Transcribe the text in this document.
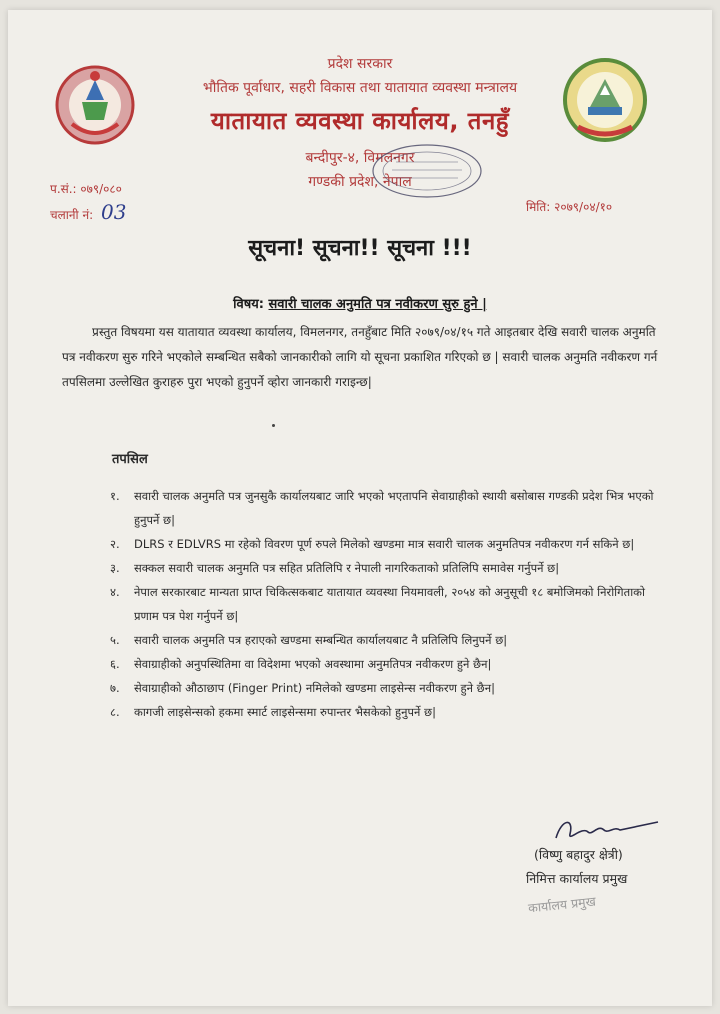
प्रदेश सरकार
भौतिक पूर्वाधार, सहरी विकास तथा यातायात व्यवस्था मन्त्रालय
यातायात व्यवस्था कार्यालय, तनहुँ
बन्दीपुर-४, विमलनगर
गण्डकी प्रदेश, नेपाल
प.सं.: ०७९/०८०
चलानी नं: 03	मिति: २०७९/०४/१०
सूचना! सूचना!! सूचना !!!
विषय: सवारी चालक अनुमति पत्र नवीकरण सुरु हुने |
प्रस्तुत विषयमा यस यातायात व्यवस्था कार्यालय, विमलनगर, तनहुँबाट मिति २०७९/०४/१५ गते आइतबार देखि सवारी चालक अनुमति पत्र नवीकरण सुरु गरिने भएकोले सम्बन्धित सबैको जानकारीको लागि यो सूचना प्रकाशित गरिएको छ | सवारी चालक अनुमति नवीकरण गर्न तपसिलमा उल्लेखित कुराहरु पुरा भएको हुनुपर्ने व्होरा जानकारी गराइन्छ|
तपसिल
१. सवारी चालक अनुमति पत्र जुनसुकै कार्यालयबाट जारि भएको भएतापनि सेवाग्राहीको स्थायी बसोबास गण्डकी प्रदेश भित्र भएको हुनुपर्ने छ|
२. DLRS र EDLVRS मा रहेको विवरण पूर्ण रुपले मिलेको खण्डमा मात्र सवारी चालक अनुमतिपत्र नवीकरण गर्न सकिने छ|
३. सक्कल सवारी चालक अनुमति पत्र सहित प्रतिलिपि र नेपाली नागरिकताको प्रतिलिपि समावेस गर्नुपर्ने छ|
४. नेपाल सरकारबाट मान्यता प्राप्त चिकित्सकबाट यातायात व्यवस्था नियमावली, २०५४ को अनुसूची १८ बमोजिमको निरोगिताको प्रणाम पत्र पेश गर्नुपर्ने छ|
५. सवारी चालक अनुमति पत्र हराएको खण्डमा सम्बन्धित कार्यालयबाट नै प्रतिलिपि लिनुपर्ने छ|
६. सेवाग्राहीको अनुपस्थितिमा वा विदेशमा भएको अवस्थामा अनुमतिपत्र नवीकरण हुने छैन|
७. सेवाग्राहीको औठाछाप (Finger Print) नमिलेको खण्डमा लाइसेन्स नवीकरण हुने छैन|
८. कागजी लाइसेन्सको हकमा स्मार्ट लाइसेन्समा रुपान्तर भैसकेको हुनुपर्ने छ|
(विष्णु बहादुर क्षेत्री)
निमित्त कार्यालय प्रमुख
कार्यालय प्रमुख
